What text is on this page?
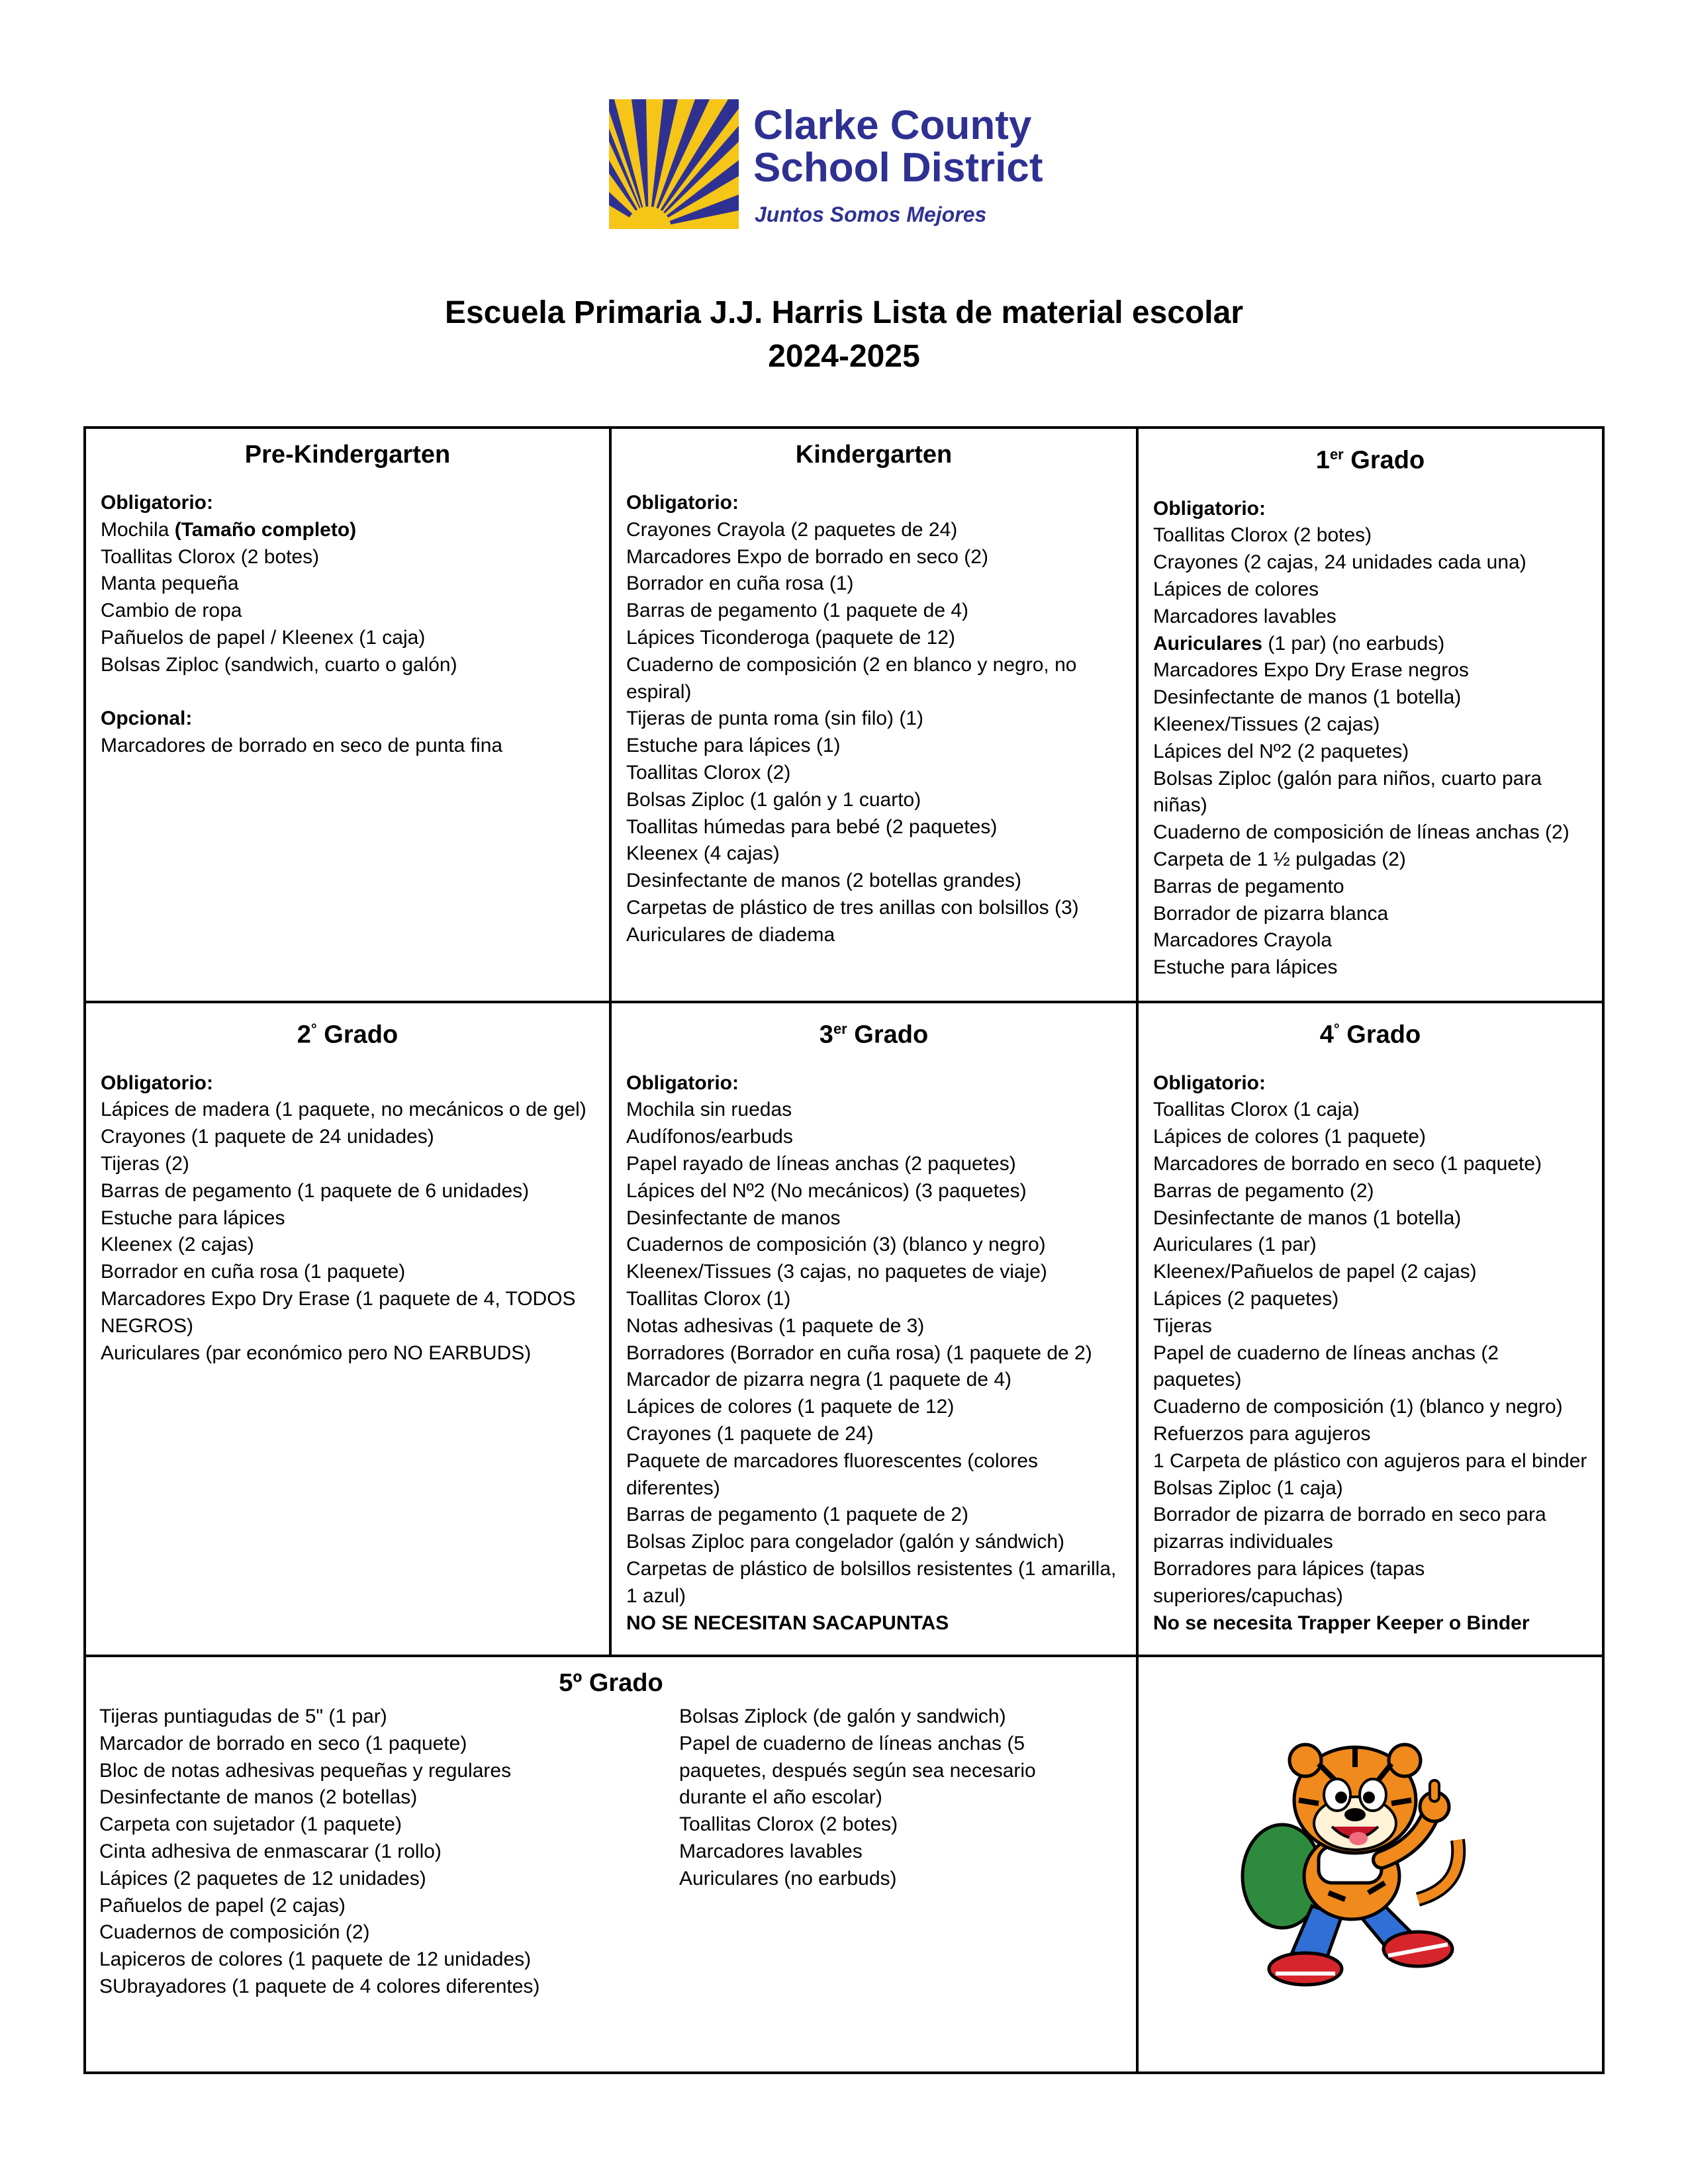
Clarke County
School District
Juntos Somos Mejores
Escuela Primaria J.J. Harris Lista de material escolar
2024-2025
Pre-Kindergarten
Obligatorio:
Mochila (Tamaño completo)
Toallitas Clorox (2 botes)
Manta pequeña
Cambio de ropa
Pañuelos de papel / Kleenex (1 caja)
Bolsas Ziploc (sandwich, cuarto o galón)
Opcional:
Marcadores de borrado en seco de punta fina
Kindergarten
Obligatorio:
Crayones Crayola (2 paquetes de 24)
Marcadores Expo de borrado en seco (2)
Borrador en cuña rosa (1)
Barras de pegamento (1 paquete de 4)
Lápices Ticonderoga (paquete de 12)
Cuaderno de composición (2 en blanco y negro, no espiral)
Tijeras de punta roma (sin filo) (1)
Estuche para lápices (1)
Toallitas Clorox (2)
Bolsas Ziploc (1 galón y 1 cuarto)
Toallitas húmedas para bebé (2 paquetes)
Kleenex (4 cajas)
Desinfectante de manos (2 botellas grandes)
Carpetas de plástico de tres anillas con bolsillos (3)
Auriculares de diadema
1er Grado
Obligatorio:
Toallitas Clorox (2 botes)
Crayones (2 cajas, 24 unidades cada una)
Lápices de colores
Marcadores lavables
Auriculares (1 par) (no earbuds)
Marcadores Expo Dry Erase negros
Desinfectante de manos (1 botella)
Kleenex/Tissues (2 cajas)
Lápices del Nº2 (2 paquetes)
Bolsas Ziploc (galón para niños, cuarto para niñas)
Cuaderno de composición de líneas anchas (2)
Carpeta de 1 ½ pulgadas (2)
Barras de pegamento
Borrador de pizarra blanca
Marcadores Crayola
Estuche para lápices
2° Grado
Obligatorio:
Lápices de madera (1 paquete, no mecánicos o de gel)
Crayones (1 paquete de 24 unidades)
Tijeras (2)
Barras de pegamento (1 paquete de 6 unidades)
Estuche para lápices
Kleenex (2 cajas)
Borrador en cuña rosa (1 paquete)
Marcadores Expo Dry Erase (1 paquete de 4, TODOS NEGROS)
Auriculares (par económico pero NO EARBUDS)
3er Grado
Obligatorio:
Mochila sin ruedas
Audífonos/earbuds
Papel rayado de líneas anchas (2 paquetes)
Lápices del Nº2 (No mecánicos) (3 paquetes)
Desinfectante de manos
Cuadernos de composición (3) (blanco y negro)
Kleenex/Tissues (3 cajas, no paquetes de viaje)
Toallitas Clorox (1)
Notas adhesivas (1 paquete de 3)
Borradores (Borrador en cuña rosa) (1 paquete de 2)
Marcador de pizarra negra (1 paquete de 4)
Lápices de colores (1 paquete de 12)
Crayones (1 paquete de 24)
Paquete de marcadores fluorescentes (colores diferentes)
Barras de pegamento (1 paquete de 2)
Bolsas Ziploc para congelador (galón y sándwich)
Carpetas de plástico de bolsillos resistentes (1 amarilla, 1 azul)
NO SE NECESITAN SACAPUNTAS
4° Grado
Obligatorio:
Toallitas Clorox (1 caja)
Lápices de colores (1 paquete)
Marcadores de borrado en seco (1 paquete)
Barras de pegamento (2)
Desinfectante de manos (1 botella)
Auriculares (1 par)
Kleenex/Pañuelos de papel (2 cajas)
Lápices (2 paquetes)
Tijeras
Papel de cuaderno de líneas anchas (2 paquetes)
Cuaderno de composición (1) (blanco y negro)
Refuerzos para agujeros
1 Carpeta de plástico con agujeros para el binder
Bolsas Ziploc (1 caja)
Borrador de pizarra de borrado en seco para pizarras individuales
Borradores para lápices (tapas superiores/capuchas)
No se necesita Trapper Keeper o Binder
5º Grado
Tijeras puntiagudas de 5" (1 par)
Marcador de borrado en seco (1 paquete)
Bloc de notas adhesivas pequeñas y regulares
Desinfectante de manos (2 botellas)
Carpeta con sujetador (1 paquete)
Cinta adhesiva de enmascarar (1 rollo)
Lápices (2 paquetes de 12 unidades)
Pañuelos de papel (2 cajas)
Cuadernos de composición (2)
Lapiceros de colores (1 paquete de 12 unidades)
SUbrayadores (1 paquete de 4 colores diferentes)
Bolsas Ziplock (de galón y sandwich)
Papel de cuaderno de líneas anchas (5 paquetes, después según sea necesario durante el año escolar)
Toallitas Clorox (2 botes)
Marcadores lavables
Auriculares (no earbuds)
